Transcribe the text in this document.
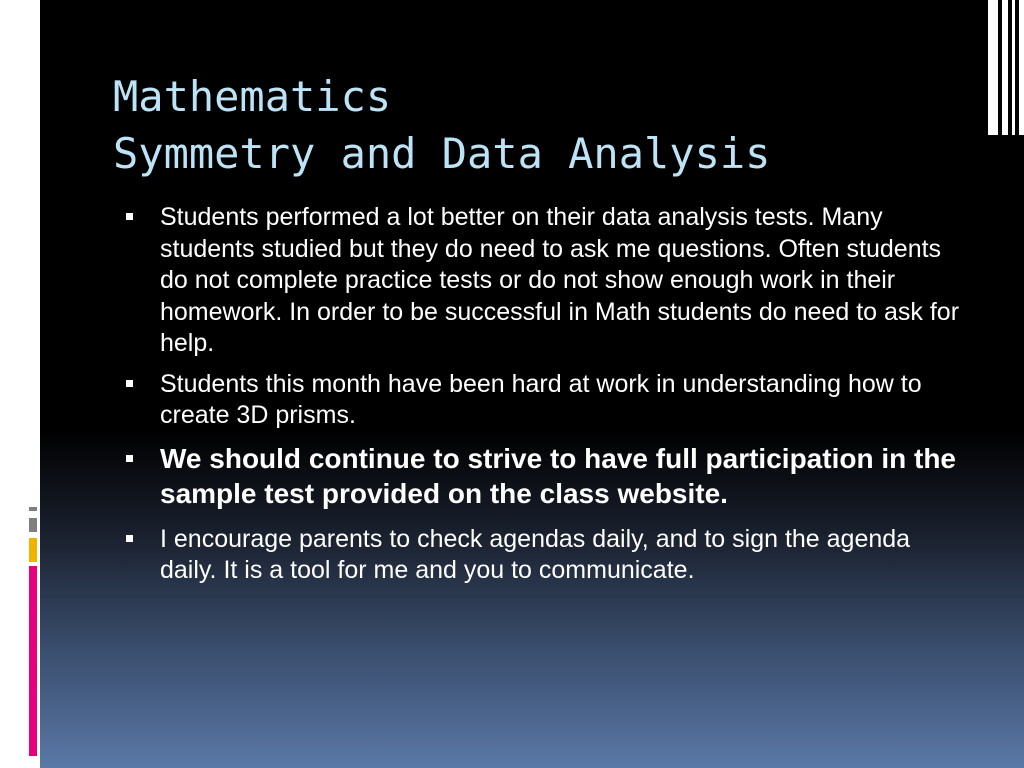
Mathematics
Symmetry and Data Analysis
Students performed a lot better on their data analysis tests. Many students studied but they do need to ask me questions. Often students do not complete practice tests or do not show enough work in their homework. In order to be successful in Math students do need to ask for help.
Students this month have been hard at work in understanding how to create 3D prisms.
We should continue to strive to have full participation in the sample test provided on the class website.
I encourage parents to check agendas daily, and to sign the agenda daily. It is a tool for me and you to communicate.
